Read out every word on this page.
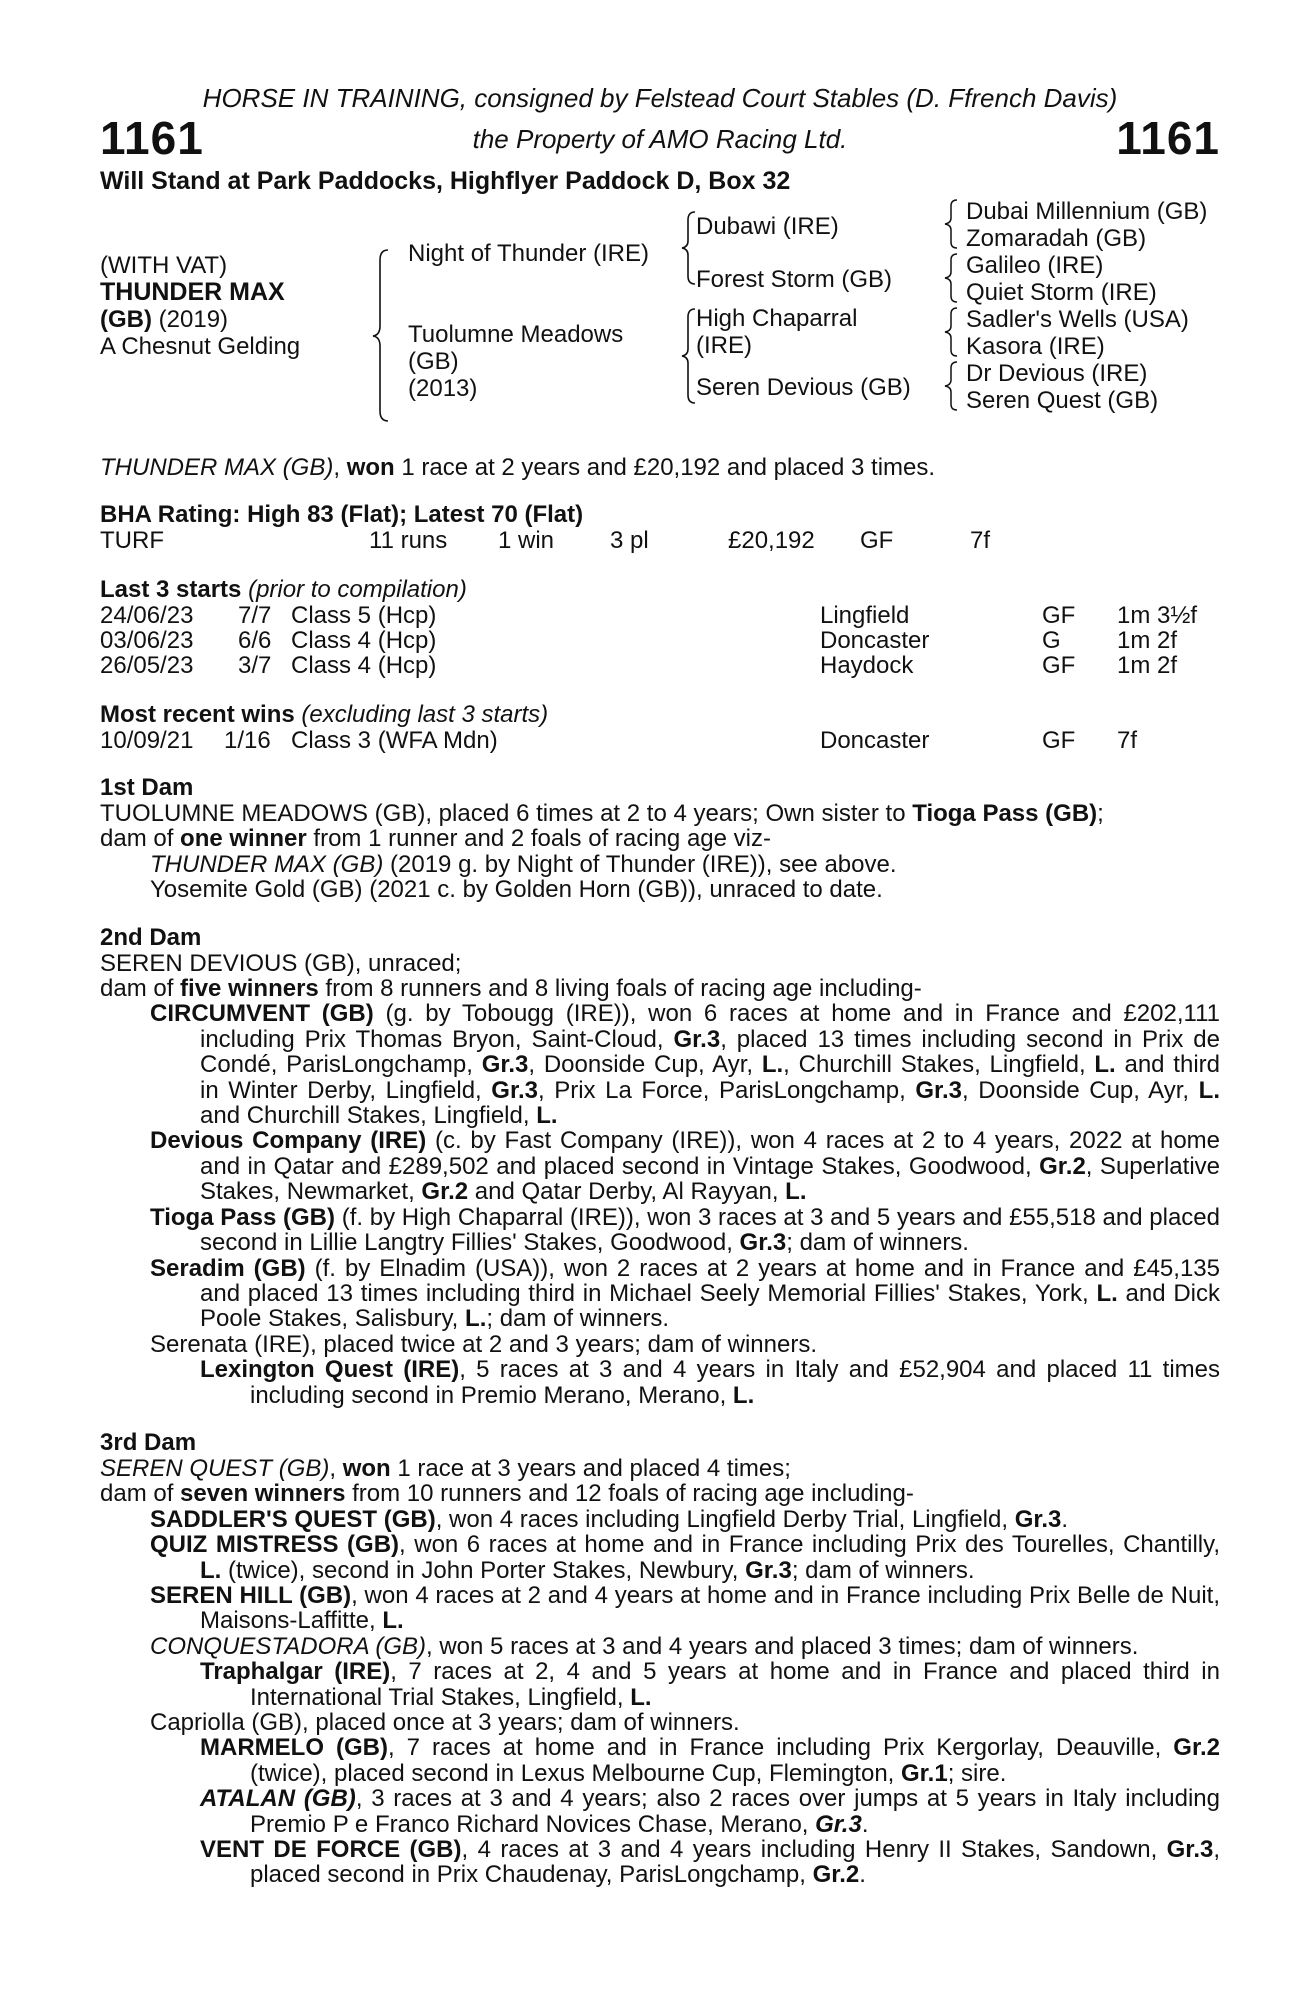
HORSE IN TRAINING, consigned by Felstead Court Stables (D. Ffrench Davis)
1161	the Property of AMO Racing Ltd.	1161
Will Stand at Park Paddocks, Highflyer Paddock D, Box 32
(WITH VAT)
THUNDER MAX
(GB) (2019)
A Chesnut Gelding
Night of Thunder (IRE)
Tuolumne Meadows
(GB)
(2013)
Dubawi (IRE)
Forest Storm (GB)
High Chaparral
(IRE)
Seren Devious (GB)
Dubai Millennium (GB)
Zomaradah (GB)
Galileo (IRE)
Quiet Storm (IRE)
Sadler's Wells (USA)
Kasora (IRE)
Dr Devious (IRE)
Seren Quest (GB)
THUNDER MAX (GB), won 1 race at 2 years and £20,192 and placed 3 times.
BHA Rating: High 83 (Flat); Latest 70 (Flat)
TURF	11 runs 1 win 3 pl	£20,192 GF	7f
Last 3 starts (prior to compilation)
24/06/23 7/7 Class 5 (Hcp)	Lingfield	GF 1m 3½f
03/06/23 6/6 Class 4 (Hcp)	Doncaster	G 1m 2f
26/05/23 3/7 Class 4 (Hcp)	Haydock	GF 1m 2f
Most recent wins (excluding last 3 starts)
10/09/21 1/16 Class 3 (WFA Mdn)	Doncaster	GF 7f
1st Dam
TUOLUMNE MEADOWS (GB), placed 6 times at 2 to 4 years; Own sister to Tioga Pass (GB);
dam of one winner from 1 runner and 2 foals of racing age viz-
THUNDER MAX (GB) (2019 g. by Night of Thunder (IRE)), see above.
Yosemite Gold (GB) (2021 c. by Golden Horn (GB)), unraced to date.
2nd Dam
SEREN DEVIOUS (GB), unraced;
dam of five winners from 8 runners and 8 living foals of racing age including-
CIRCUMVENT (GB) (g. by Tobougg (IRE)), won 6 races at home and in France and £202,111 including Prix Thomas Bryon, Saint-Cloud, Gr.3, placed 13 times including second in Prix de Condé, ParisLongchamp, Gr.3, Doonside Cup, Ayr, L., Churchill Stakes, Lingfield, L. and third in Winter Derby, Lingfield, Gr.3, Prix La Force, ParisLongchamp, Gr.3, Doonside Cup, Ayr, L. and Churchill Stakes, Lingfield, L.
Devious Company (IRE) (c. by Fast Company (IRE)), won 4 races at 2 to 4 years, 2022 at home and in Qatar and £289,502 and placed second in Vintage Stakes, Goodwood, Gr.2, Superlative Stakes, Newmarket, Gr.2 and Qatar Derby, Al Rayyan, L.
Tioga Pass (GB) (f. by High Chaparral (IRE)), won 3 races at 3 and 5 years and £55,518 and placed second in Lillie Langtry Fillies' Stakes, Goodwood, Gr.3; dam of winners.
Seradim (GB) (f. by Elnadim (USA)), won 2 races at 2 years at home and in France and £45,135 and placed 13 times including third in Michael Seely Memorial Fillies' Stakes, York, L. and Dick Poole Stakes, Salisbury, L.; dam of winners.
Serenata (IRE), placed twice at 2 and 3 years; dam of winners.
Lexington Quest (IRE), 5 races at 3 and 4 years in Italy and £52,904 and placed 11 times including second in Premio Merano, Merano, L.
3rd Dam
SEREN QUEST (GB), won 1 race at 3 years and placed 4 times;
dam of seven winners from 10 runners and 12 foals of racing age including-
SADDLER'S QUEST (GB), won 4 races including Lingfield Derby Trial, Lingfield, Gr.3.
QUIZ MISTRESS (GB), won 6 races at home and in France including Prix des Tourelles, Chantilly, L. (twice), second in John Porter Stakes, Newbury, Gr.3; dam of winners.
SEREN HILL (GB), won 4 races at 2 and 4 years at home and in France including Prix Belle de Nuit, Maisons-Laffitte, L.
CONQUESTADORA (GB), won 5 races at 3 and 4 years and placed 3 times; dam of winners.
Traphalgar (IRE), 7 races at 2, 4 and 5 years at home and in France and placed third in International Trial Stakes, Lingfield, L.
Capriolla (GB), placed once at 3 years; dam of winners.
MARMELO (GB), 7 races at home and in France including Prix Kergorlay, Deauville, Gr.2 (twice), placed second in Lexus Melbourne Cup, Flemington, Gr.1; sire.
ATALAN (GB), 3 races at 3 and 4 years; also 2 races over jumps at 5 years in Italy including Premio P e Franco Richard Novices Chase, Merano, Gr.3.
VENT DE FORCE (GB), 4 races at 3 and 4 years including Henry II Stakes, Sandown, Gr.3, placed second in Prix Chaudenay, ParisLongchamp, Gr.2.
